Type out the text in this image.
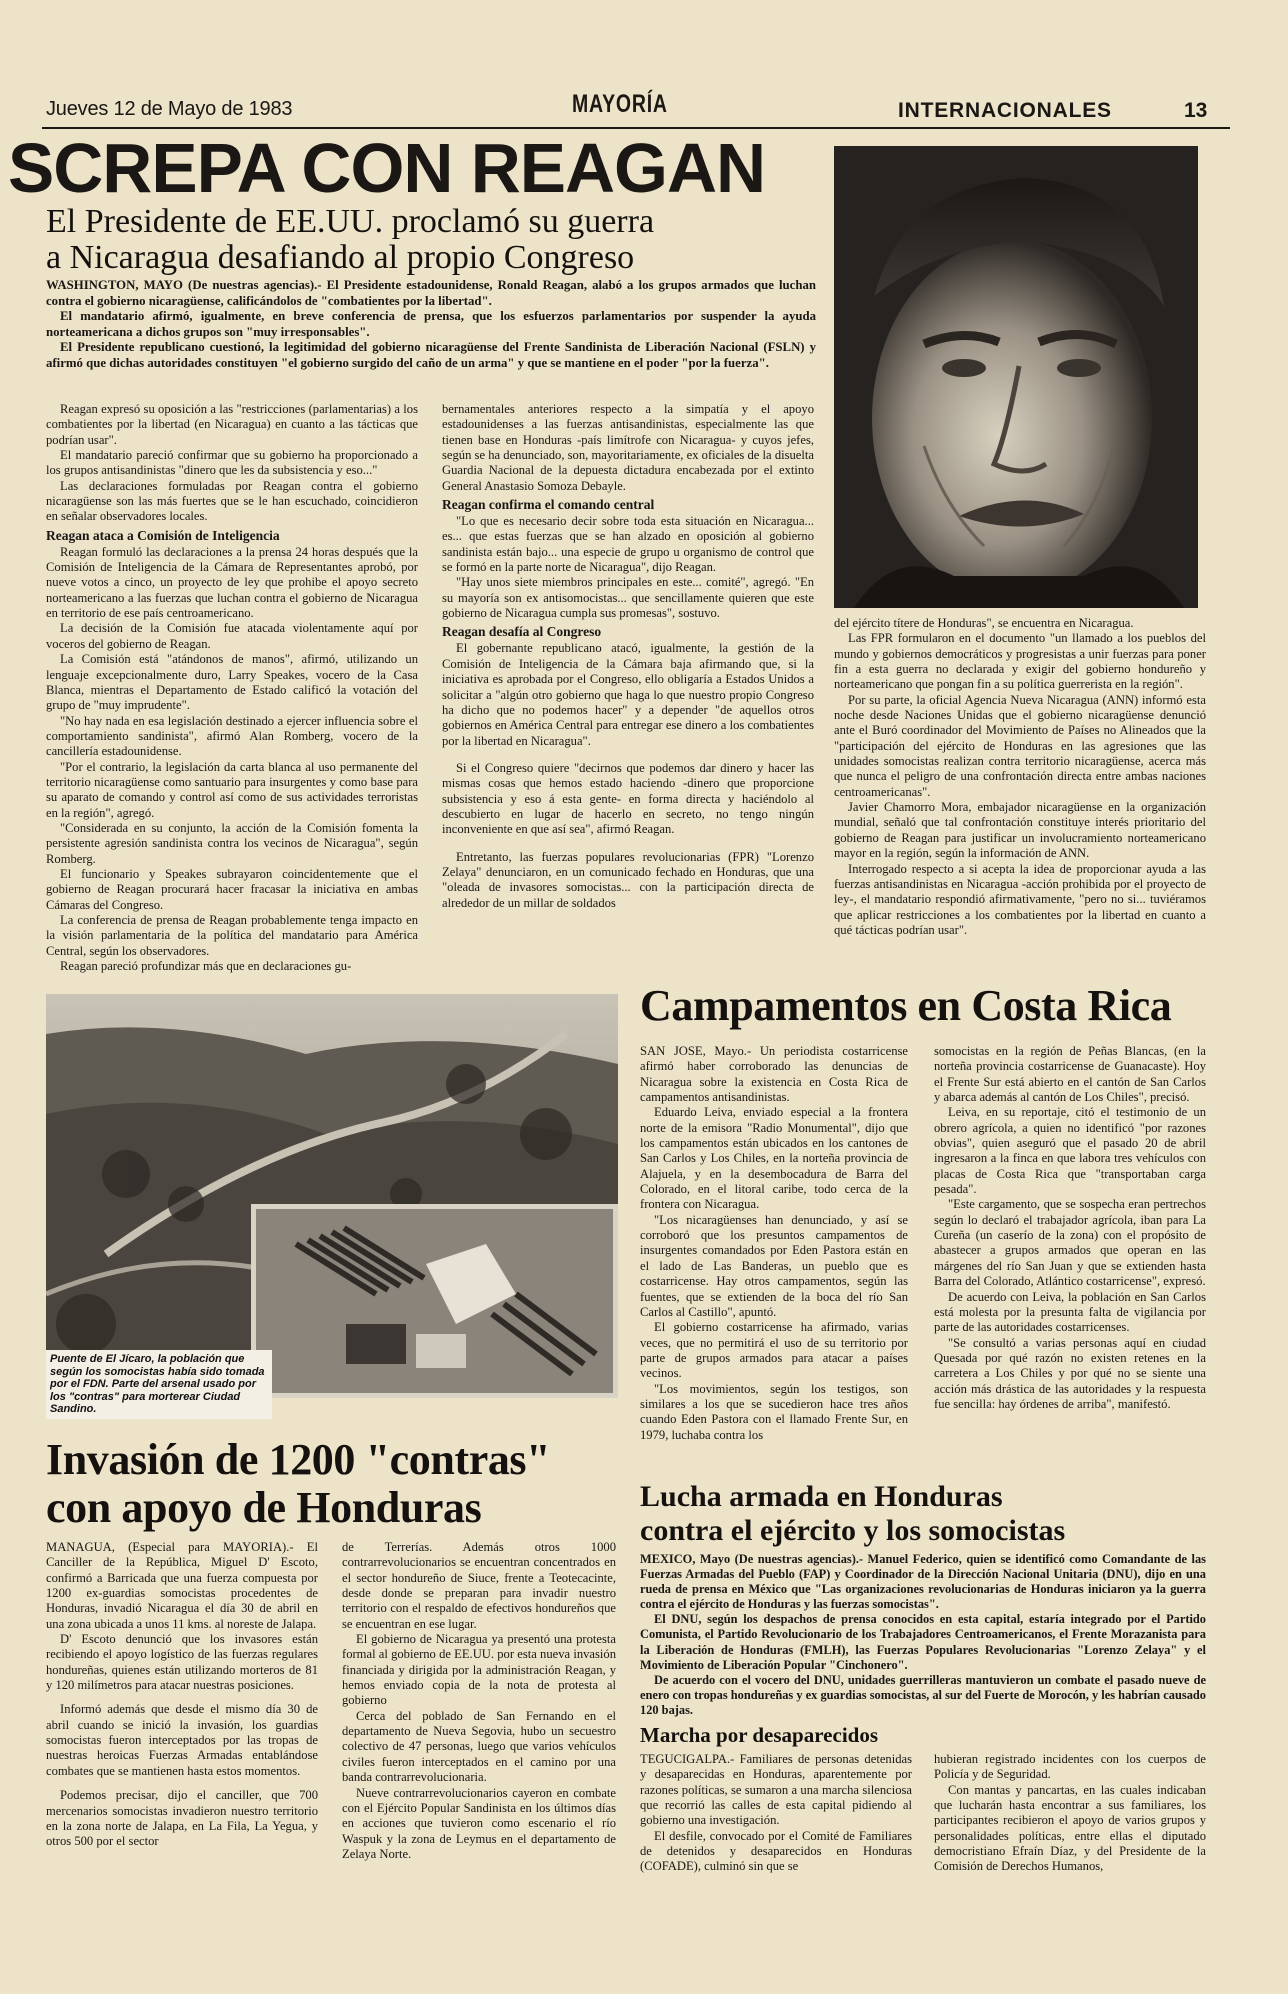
Jueves 12 de Mayo de 1983	MAYORÍA	INTERNACIONALES	13
SCREPA CON REAGAN
El Presidente de EE.UU. proclamó su guerra
a Nicaragua desafiando al propio Congreso

WASHINGTON, MAYO (De nuestras agencias).- El Presidente estadounidense, Ronald Reagan, alabó a los grupos armados que luchan contra el gobierno nicaragüense, calificándolos de "combatientes por la libertad".

El mandatario afirmó, igualmente, en breve conferencia de prensa, que los esfuerzos parlamentarios por suspender la ayuda norteamericana a dichos grupos son "muy irresponsables".

El Presidente republicano cuestionó, la legitimidad del gobierno nicaragüense del Frente Sandinista de Liberación Nacional (FSLN) y afirmó que dichas autoridades constituyen "el gobierno surgido del caño de un arma" y que se mantiene en el poder "por la fuerza".

Reagan expresó su oposición a las "restricciones (parlamentarias) a los combatientes por la libertad (en Nicaragua) en cuanto a las tácticas que podrían usar".

El mandatario pareció confirmar que su gobierno ha proporcionado a los grupos antisandinistas "dinero que les da subsistencia y eso..."

Las declaraciones formuladas por Reagan contra el gobierno nicaragüense son las más fuertes que se le han escuchado, coincidieron en señalar observadores locales.

Reagan ataca a Comisión de Inteligencia

Reagan formuló las declaraciones a la prensa 24 horas después que la Comisión de Inteligencia de la Cámara de Representantes aprobó, por nueve votos a cinco, un proyecto de ley que prohibe el apoyo secreto norteamericano a las fuerzas que luchan contra el gobierno de Nicaragua en territorio de ese país centroamericano.

La decisión de la Comisión fue atacada violentamente aquí por voceros del gobierno de Reagan.

La Comisión está "atándonos de manos", afirmó, utilizando un lenguaje excepcionalmente duro, Larry Speakes, vocero de la Casa Blanca, mientras el Departamento de Estado calificó la votación del grupo de "muy imprudente".

"No hay nada en esa legislación destinado a ejercer influencia sobre el comportamiento sandinista", afirmó Alan Romberg, vocero de la cancillería estadounidense.

"Por el contrario, la legislación da carta blanca al uso permanente del territorio nicaragüense como santuario para insurgentes y como base para su aparato de comando y control así como de sus actividades terroristas en la región", agregó.

"Considerada en su conjunto, la acción de la Comisión fomenta la persistente agresión sandinista contra los vecinos de Nicaragua", según Romberg.

El funcionario y Speakes subrayaron coincidentemente que el gobierno de Reagan procurará hacer fracasar la iniciativa en ambas Cámaras del Congreso.

La conferencia de prensa de Reagan probablemente tenga impacto en la visión parlamentaria de la política del mandatario para América Central, según los observadores.

Reagan pareció profundizar más que en declaraciones gu-

bernamentales anteriores respecto a la simpatía y el apoyo estadounidenses a las fuerzas antisandinistas, especialmente las que tienen base en Honduras -país limítrofe con Nicaragua- y cuyos jefes, según se ha denunciado, son, mayoritariamente, ex oficiales de la disuelta Guardia Nacional de la depuesta dictadura encabezada por el extinto General Anastasio Somoza Debayle.

Reagan confirma el comando central

"Lo que es necesario decir sobre toda esta situación en Nicaragua... es... que estas fuerzas que se han alzado en oposición al gobierno sandinista están bajo... una especie de grupo u organismo de control que se formó en la parte norte de Nicaragua", dijo Reagan.

"Hay unos siete miembros principales en este... comité", agregó. "En su mayoría son ex antisomocistas... que sencillamente quieren que este gobierno de Nicaragua cumpla sus promesas", sostuvo.

Reagan desafía al Congreso

El gobernante republicano atacó, igualmente, la gestión de la Comisión de Inteligencia de la Cámara baja afirmando que, si la iniciativa es aprobada por el Congreso, ello obligaría a Estados Unidos a solicitar a "algún otro gobierno que haga lo que nuestro propio Congreso ha dicho que no podemos hacer" y a depender "de aquellos otros gobiernos en América Central para entregar ese dinero a los combatientes por la libertad en Nicaragua".

Si el Congreso quiere "decirnos que podemos dar dinero y hacer las mismas cosas que hemos estado haciendo -dinero que proporcione subsistencia y eso á esta gente- en forma directa y haciéndolo al descubierto en lugar de hacerlo en secreto, no tengo ningún inconveniente en que así sea", afirmó Reagan.

Entretanto, las fuerzas populares revolucionarias (FPR) "Lorenzo Zelaya" denunciaron, en un comunicado fechado en Honduras, que una "oleada de invasores somocistas... con la participación directa de alrededor de un millar de soldados

del ejército títere de Honduras", se encuentra en Nicaragua.

Las FPR formularon en el documento "un llamado a los pueblos del mundo y gobiernos democráticos y progresistas a unir fuerzas para poner fin a esta guerra no declarada y exigir del gobierno hondureño y norteamericano que pongan fin a su política guerrerista en la región".

Por su parte, la oficial Agencia Nueva Nicaragua (ANN) informó esta noche desde Naciones Unidas que el gobierno nicaragüense denunció ante el Buró coordinador del Movimiento de Países no Alineados que la "participación del ejército de Honduras en las agresiones que las unidades somocistas realizan contra territorio nicaragüense, acerca más que nunca el peligro de una confrontación directa entre ambas naciones centroamericanas".

Javier Chamorro Mora, embajador nicaragüense en la organización mundial, señaló que tal confrontación constituye interés prioritario del gobierno de Reagan para justificar un involucramiento norteamericano mayor en la región, según la información de ANN.

Interrogado respecto a si acepta la idea de proporcionar ayuda a las fuerzas antisandinistas en Nicaragua -acción prohibida por el proyecto de ley-, el mandatario respondió afirmativamente, "pero no si... tuviéramos que aplicar restricciones a los combatientes por la libertad en cuanto a qué tácticas podrían usar".

Puente de El Jícaro, la población que según los somocistas había sido tomada por el FDN. Parte del arsenal usado por los "contras" para morterear Ciudad Sandino.
Campamentos en Costa Rica

SAN JOSE, Mayo.- Un periodista costarricense afirmó haber corroborado las denuncias de Nicaragua sobre la existencia en Costa Rica de campamentos antisandinistas.

Eduardo Leiva, enviado especial a la frontera norte de la emisora "Radio Monumental", dijo que los campamentos están ubicados en los cantones de San Carlos y Los Chiles, en la norteña provincia de Alajuela, y en la desembocadura de Barra del Colorado, en el litoral caribe, todo cerca de la frontera con Nicaragua.

"Los nicaragüenses han denunciado, y así se corroboró que los presuntos campamentos de insurgentes comandados por Eden Pastora están en el lado de Las Banderas, un pueblo que es costarricense. Hay otros campamentos, según las fuentes, que se extienden de la boca del río San Carlos al Castillo", apuntó.

El gobierno costarricense ha afirmado, varias veces, que no permitirá el uso de su territorio por parte de grupos armados para atacar a países vecinos.

"Los movimientos, según los testigos, son similares a los que se sucedieron hace tres años cuando Eden Pastora con el llamado Frente Sur, en 1979, luchaba contra los

somocistas en la región de Peñas Blancas, (en la norteña provincia costarricense de Guanacaste). Hoy el Frente Sur está abierto en el cantón de San Carlos y abarca además al cantón de Los Chiles", precisó.

Leiva, en su reportaje, citó el testimonio de un obrero agrícola, a quien no identificó "por razones obvias", quien aseguró que el pasado 20 de abril ingresaron a la finca en que labora tres vehículos con placas de Costa Rica que "transportaban carga pesada".

"Este cargamento, que se sospecha eran pertrechos según lo declaró el trabajador agrícola, iban para La Cureña (un caserío de la zona) con el propósito de abastecer a grupos armados que operan en las márgenes del río San Juan y que se extienden hasta Barra del Colorado, Atlántico costarricense", expresó.

De acuerdo con Leiva, la población en San Carlos está molesta por la presunta falta de vigilancia por parte de las autoridades costarricenses.

"Se consultó a varias personas aquí en ciudad Quesada por qué razón no existen retenes en la carretera a Los Chiles y por qué no se siente una acción más drástica de las autoridades y la respuesta fue sencilla: hay órdenes de arriba", manifestó.

Invasión de 1200 "contras"
con apoyo de Honduras

MANAGUA, (Especial para MAYORIA).- El Canciller de la República, Miguel D' Escoto, confirmó a Barricada que una fuerza compuesta por 1200 ex-guardias somocistas procedentes de Honduras, invadió Nicaragua el día 30 de abril en una zona ubicada a unos 11 kms. al noreste de Jalapa.

D' Escoto denunció que los invasores están recibiendo el apoyo logístico de las fuerzas regulares hondureñas, quienes están utilizando morteros de 81 y 120 milímetros para atacar nuestras posiciones.

Informó además que desde el mismo día 30 de abril cuando se inició la invasión, los guardias somocistas fueron interceptados por las tropas de nuestras heroicas Fuerzas Armadas entablándose combates que se mantienen hasta estos momentos.

Podemos precisar, dijo el canciller, que 700 mercenarios somocistas invadieron nuestro territorio en la zona norte de Jalapa, en La Fila, La Yegua, y otros 500 por el sector

de Terrerías. Además otros 1000 contrarrevolucionarios se encuentran concentrados en el sector hondureño de Siuce, frente a Teotecacinte, desde donde se preparan para invadir nuestro territorio con el respaldo de efectivos hondureños que se encuentran en ese lugar.

El gobierno de Nicaragua ya presentó una protesta formal al gobierno de EE.UU. por esta nueva invasión financiada y dirigida por la administración Reagan, y hemos enviado copia de la nota de protesta al gobierno

Cerca del poblado de San Fernando en el departamento de Nueva Segovia, hubo un secuestro colectivo de 47 personas, luego que varios vehículos civiles fueron interceptados en el camino por una banda contrarrevolucionaria.

Nueve contrarrevolucionarios cayeron en combate con el Ejército Popular Sandinista en los últimos días en acciones que tuvieron como escenario el río Waspuk y la zona de Leymus en el departamento de Zelaya Norte.

Lucha armada en Honduras
contra el ejército y los somocistas

MEXICO, Mayo (De nuestras agencias).- Manuel Federico, quien se identificó como Comandante de las Fuerzas Armadas del Pueblo (FAP) y Coordinador de la Dirección Nacional Unitaria (DNU), dijo en una rueda de prensa en México que "Las organizaciones revolucionarias de Honduras iniciaron ya la guerra contra el ejército de Honduras y las fuerzas somocistas".

El DNU, según los despachos de prensa conocidos en esta capital, estaría integrado por el Partido Comunista, el Partido Revolucionario de los Trabajadores Centroamericanos, el Frente Morazanista para la Liberación de Honduras (FMLH), las Fuerzas Populares Revolucionarias "Lorenzo Zelaya" y el Movimiento de Liberación Popular "Cinchonero".

De acuerdo con el vocero del DNU, unidades guerrilleras mantuvieron un combate el pasado nueve de enero con tropas hondureñas y ex guardias somocistas, al sur del Fuerte de Morocón, y les habrían causado 120 bajas.

Marcha por desaparecidos

TEGUCIGALPA.- Familiares de personas detenidas y desaparecidas en Honduras, aparentemente por razones políticas, se sumaron a una marcha silenciosa que recorrió las calles de esta capital pidiendo al gobierno una investigación.

El desfile, convocado por el Comité de Familiares de detenidos y desaparecidos en Honduras (COFADE), culminó sin que se

hubieran registrado incidentes con los cuerpos de Policía y de Seguridad.

Con mantas y pancartas, en las cuales indicaban que lucharán hasta encontrar a sus familiares, los participantes recibieron el apoyo de varios grupos y personalidades políticas, entre ellas el diputado democristiano Efraín Díaz, y del Presidente de la Comisión de Derechos Humanos,
